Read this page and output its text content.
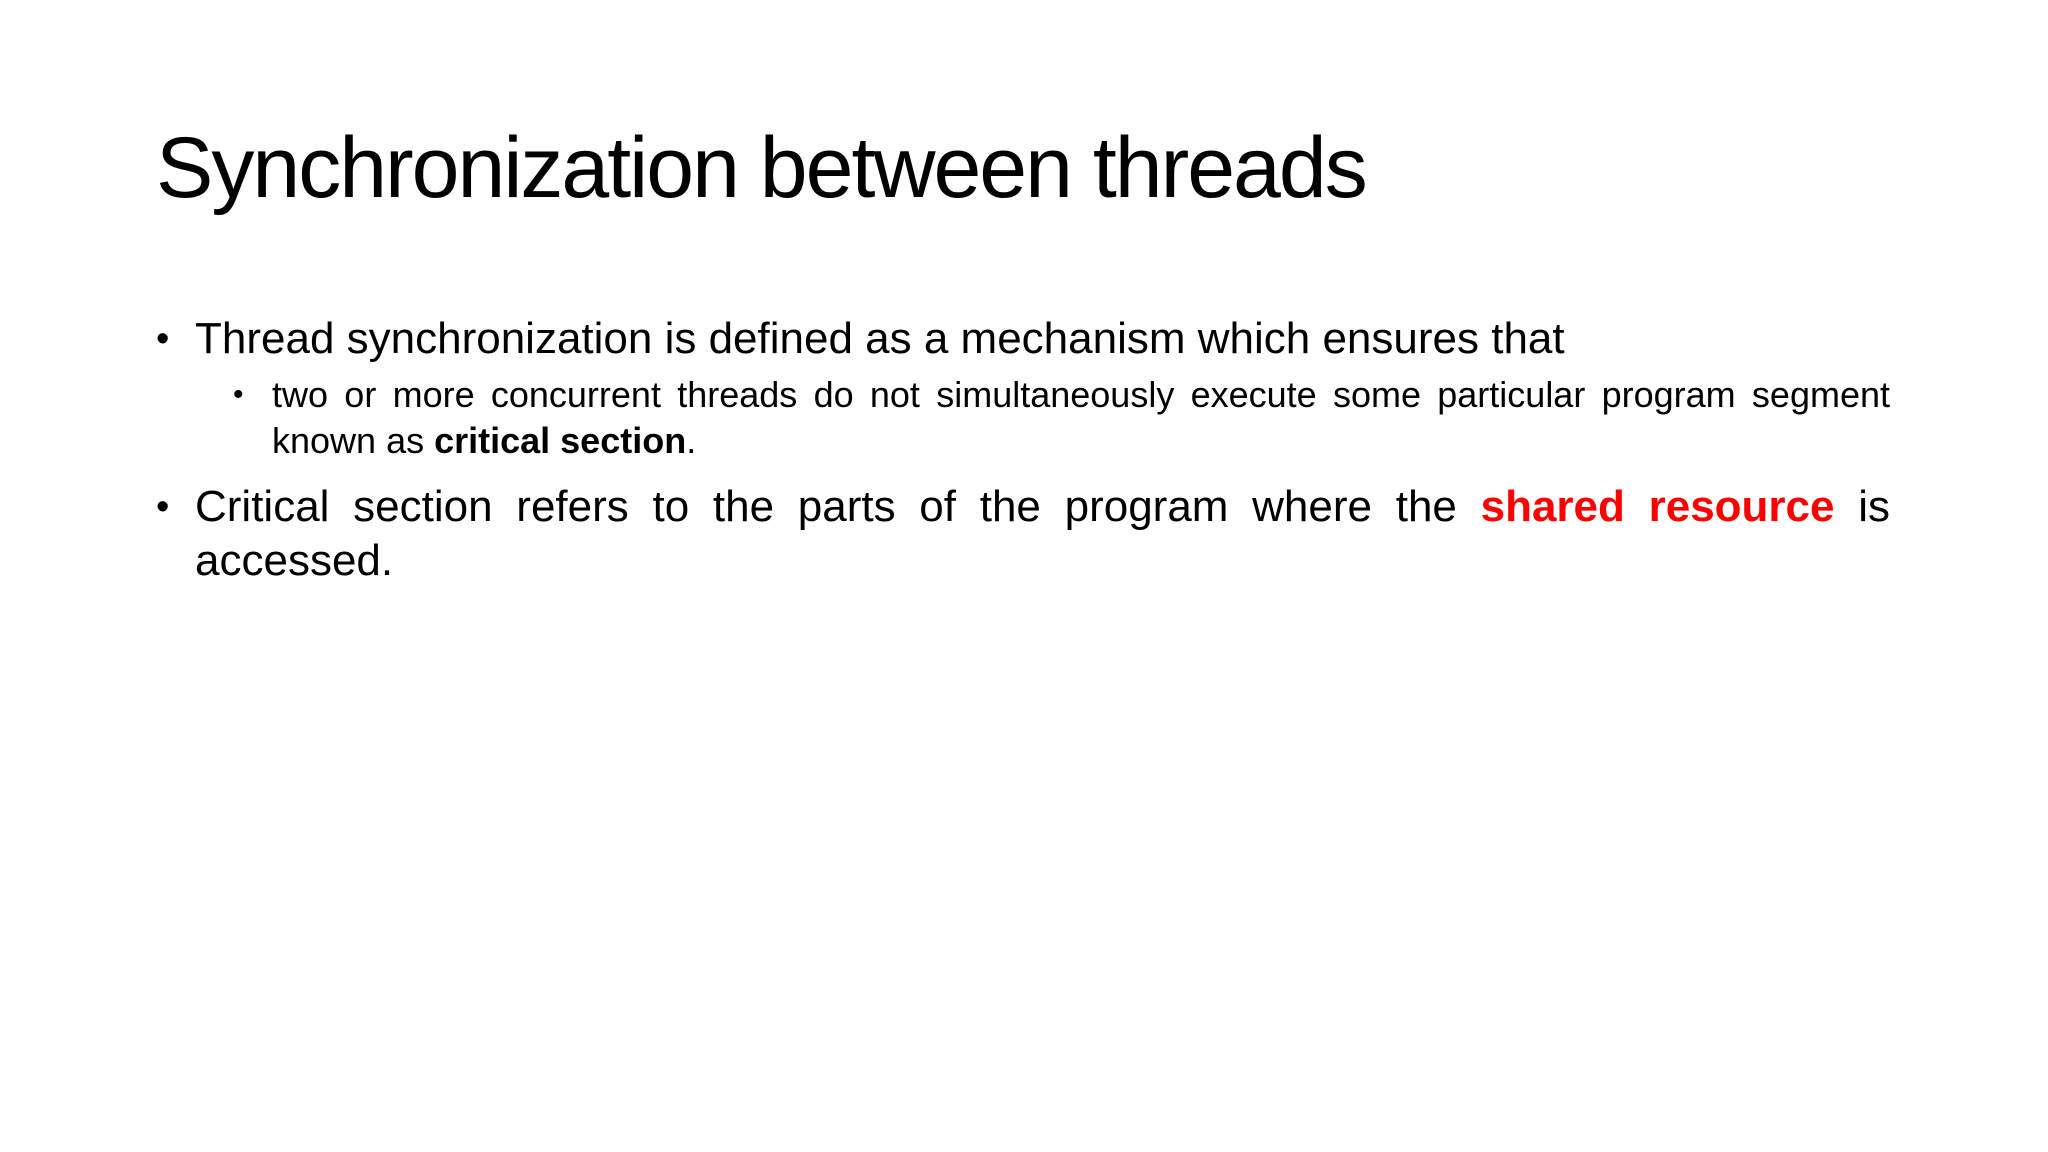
Synchronization between threads
• Thread synchronization is defined as a mechanism which ensures that
• two or more concurrent threads do not simultaneously execute some particular program segment known as critical section.
• Critical section refers to the parts of the program where the shared resource is accessed.
